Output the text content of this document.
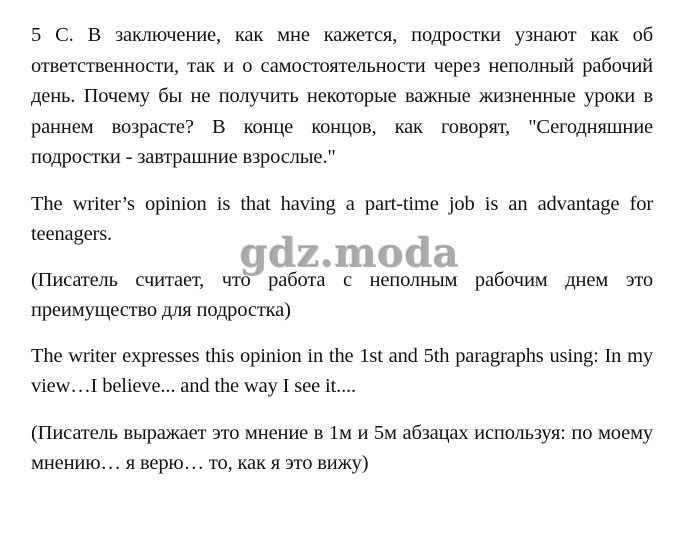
5 C. В заключение, как мне кажется, подростки узнают как об ответственности, так и о самостоятельности через неполный рабочий день. Почему бы не получить некоторые важные жизненные уроки в раннем возрасте? В конце концов, как говорят, "Сегодняшние подростки - завтрашние взрослые."

The writer’s opinion is that having a part-time job is an advantage for teenagers.

(Писатель считает, что работа с неполным рабочим днем это преимущество для подростка)

The writer expresses this opinion in the 1st and 5th paragraphs using: In my view…I believe... and the way I see it....

(Писатель выражает это мнение в 1м и 5м абзацах используя: по моему мнению… я верю… то, как я это вижу)

gdz.moda
